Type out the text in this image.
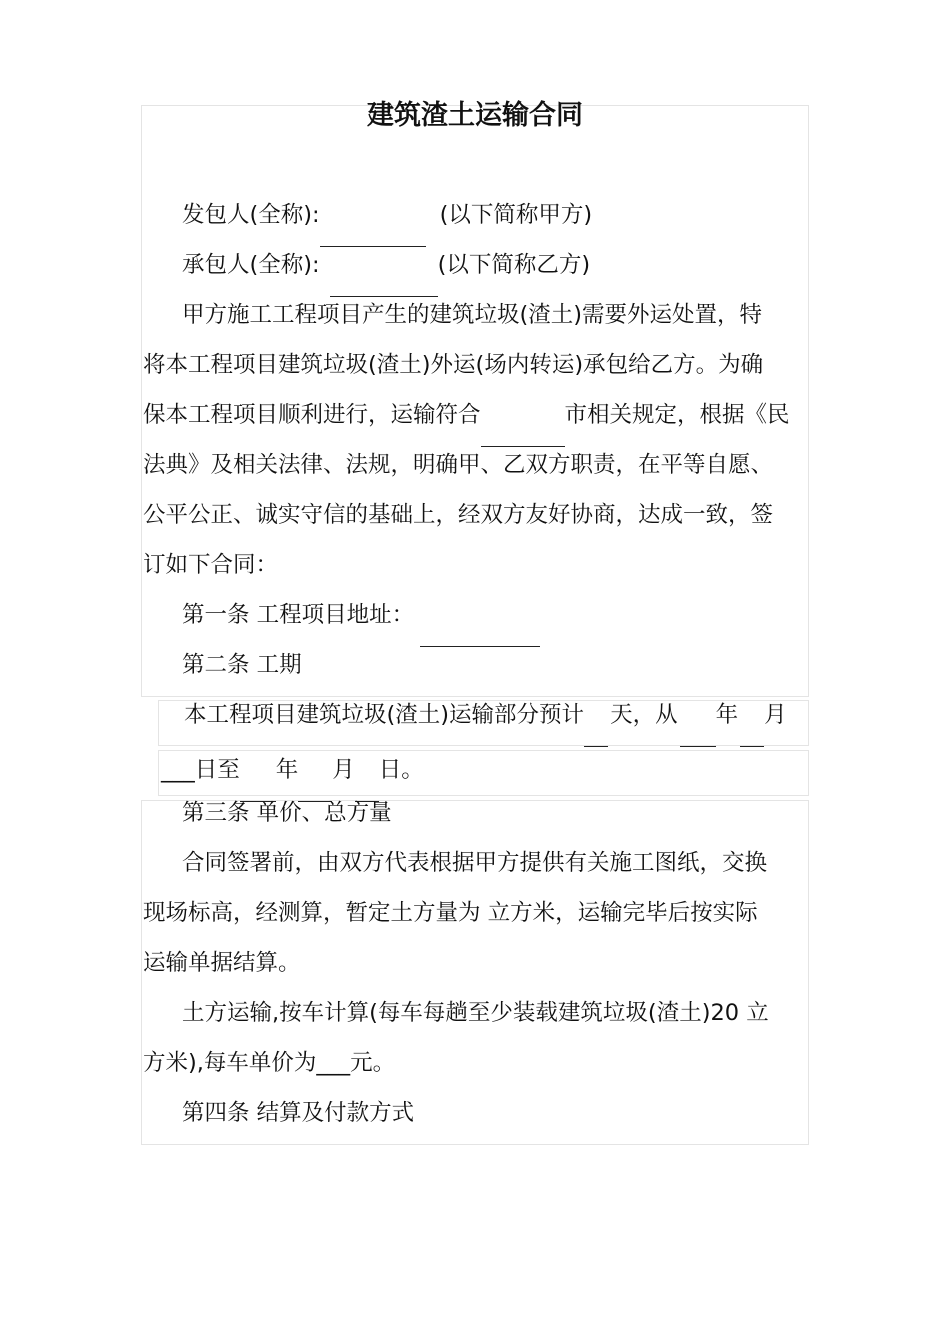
建筑渣土运输合同
发包人(全称):	(以下简称甲方)
承包人(全称):	(以下简称乙方)
甲方施工工程项目产生的建筑垃圾(渣土)需要外运处置，特
将本工程项目建筑垃圾(渣土)外运(场内转运)承包给乙方。为确
保本工程项目顺利进行，运输符合	市相关规定，根据《民
法典》及相关法律、法规，明确甲、乙双方职责，在平等自愿、
公平公正、诚实守信的基础上，经双方友好协商，达成一致，签
订如下合同：
第一条 工程项目地址：
第二条 工期
本工程项目建筑垃圾(渣土)运输部分预计 天，从 年 月
___日至 年 月 日。
第三条 单价、总方量
合同签署前，由双方代表根据甲方提供有关施工图纸，交换
现场标高，经测算，暂定土方量为 立方米，运输完毕后按实际
运输单据结算。
土方运输,按车计算(每车每趟至少装载建筑垃圾(渣土)20 立
方米),每车单价为___元。
第四条 结算及付款方式
